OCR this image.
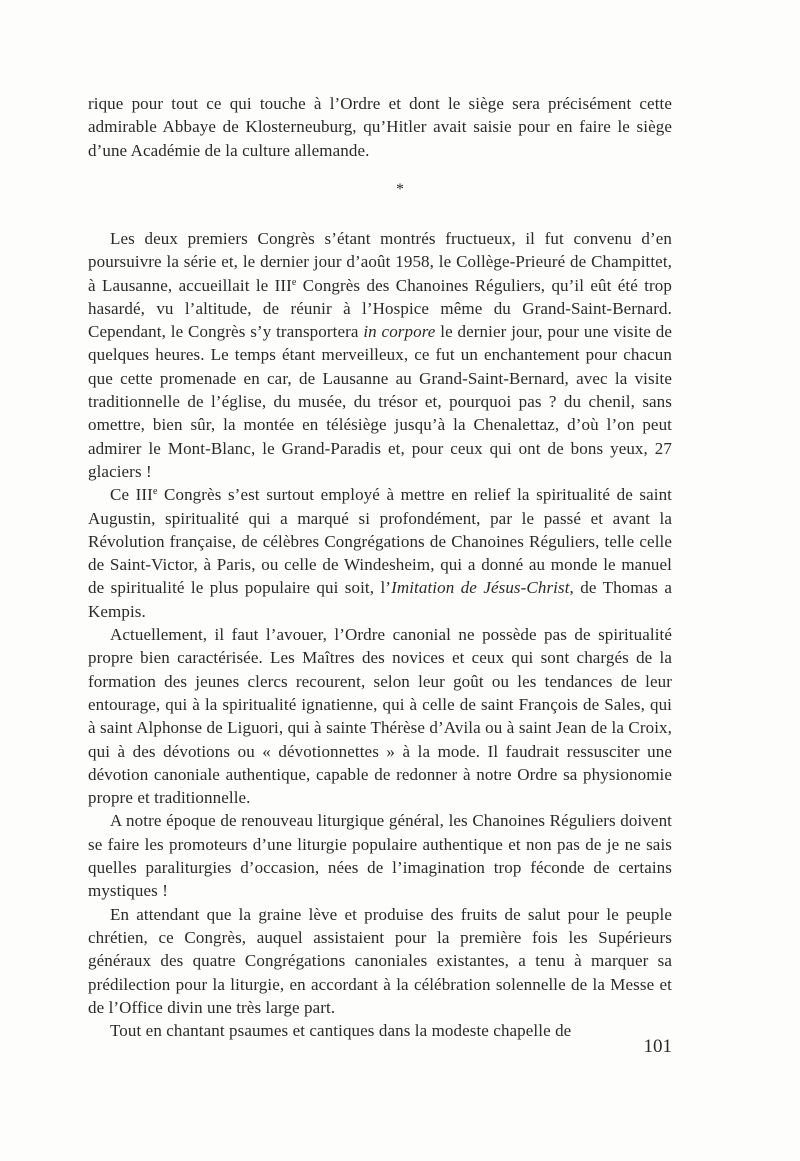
rique pour tout ce qui touche à l’Ordre et dont le siège sera précisément cette admirable Abbaye de Klosterneuburg, qu’Hitler avait saisie pour en faire le siège d’une Académie de la culture allemande.

*

Les deux premiers Congrès s’étant montrés fructueux, il fut convenu d’en poursuivre la série et, le dernier jour d’août 1958, le Collège-Prieuré de Champittet, à Lausanne, accueillait le IIIe Congrès des Chanoines Réguliers, qu’il eût été trop hasardé, vu l’altitude, de réunir à l’Hospice même du Grand-Saint-Bernard. Cependant, le Congrès s’y transportera in corpore le dernier jour, pour une visite de quelques heures. Le temps étant merveilleux, ce fut un enchantement pour chacun que cette promenade en car, de Lausanne au Grand-Saint-Bernard, avec la visite traditionnelle de l’église, du musée, du trésor et, pourquoi pas ? du chenil, sans omettre, bien sûr, la montée en télésiège jusqu’à la Chenalettaz, d’où l’on peut admirer le Mont-Blanc, le Grand-Paradis et, pour ceux qui ont de bons yeux, 27 glaciers !

Ce IIIe Congrès s’est surtout employé à mettre en relief la spiritualité de saint Augustin, spiritualité qui a marqué si profondément, par le passé et avant la Révolution française, de célèbres Congrégations de Chanoines Réguliers, telle celle de Saint-Victor, à Paris, ou celle de Windesheim, qui a donné au monde le manuel de spiritualité le plus populaire qui soit, l’Imitation de Jésus-Christ, de Thomas a Kempis.

Actuellement, il faut l’avouer, l’Ordre canonial ne possède pas de spiritualité propre bien caractérisée. Les Maîtres des novices et ceux qui sont chargés de la formation des jeunes clercs recourent, selon leur goût ou les tendances de leur entourage, qui à la spiritualité ignatienne, qui à celle de saint François de Sales, qui à saint Alphonse de Liguori, qui à sainte Thérèse d’Avila ou à saint Jean de la Croix, qui à des dévotions ou « dévotionnettes » à la mode. Il faudrait ressusciter une dévotion canoniale authentique, capable de redonner à notre Ordre sa physionomie propre et traditionnelle.

A notre époque de renouveau liturgique général, les Chanoines Réguliers doivent se faire les promoteurs d’une liturgie populaire authentique et non pas de je ne sais quelles paraliturgies d’occasion, nées de l’imagination trop féconde de certains mystiques !

En attendant que la graine lève et produise des fruits de salut pour le peuple chrétien, ce Congrès, auquel assistaient pour la première fois les Supérieurs généraux des quatre Congrégations canoniales existantes, a tenu à marquer sa prédilection pour la liturgie, en accordant à la célébration solennelle de la Messe et de l’Office divin une très large part.

Tout en chantant psaumes et cantiques dans la modeste chapelle de

101
